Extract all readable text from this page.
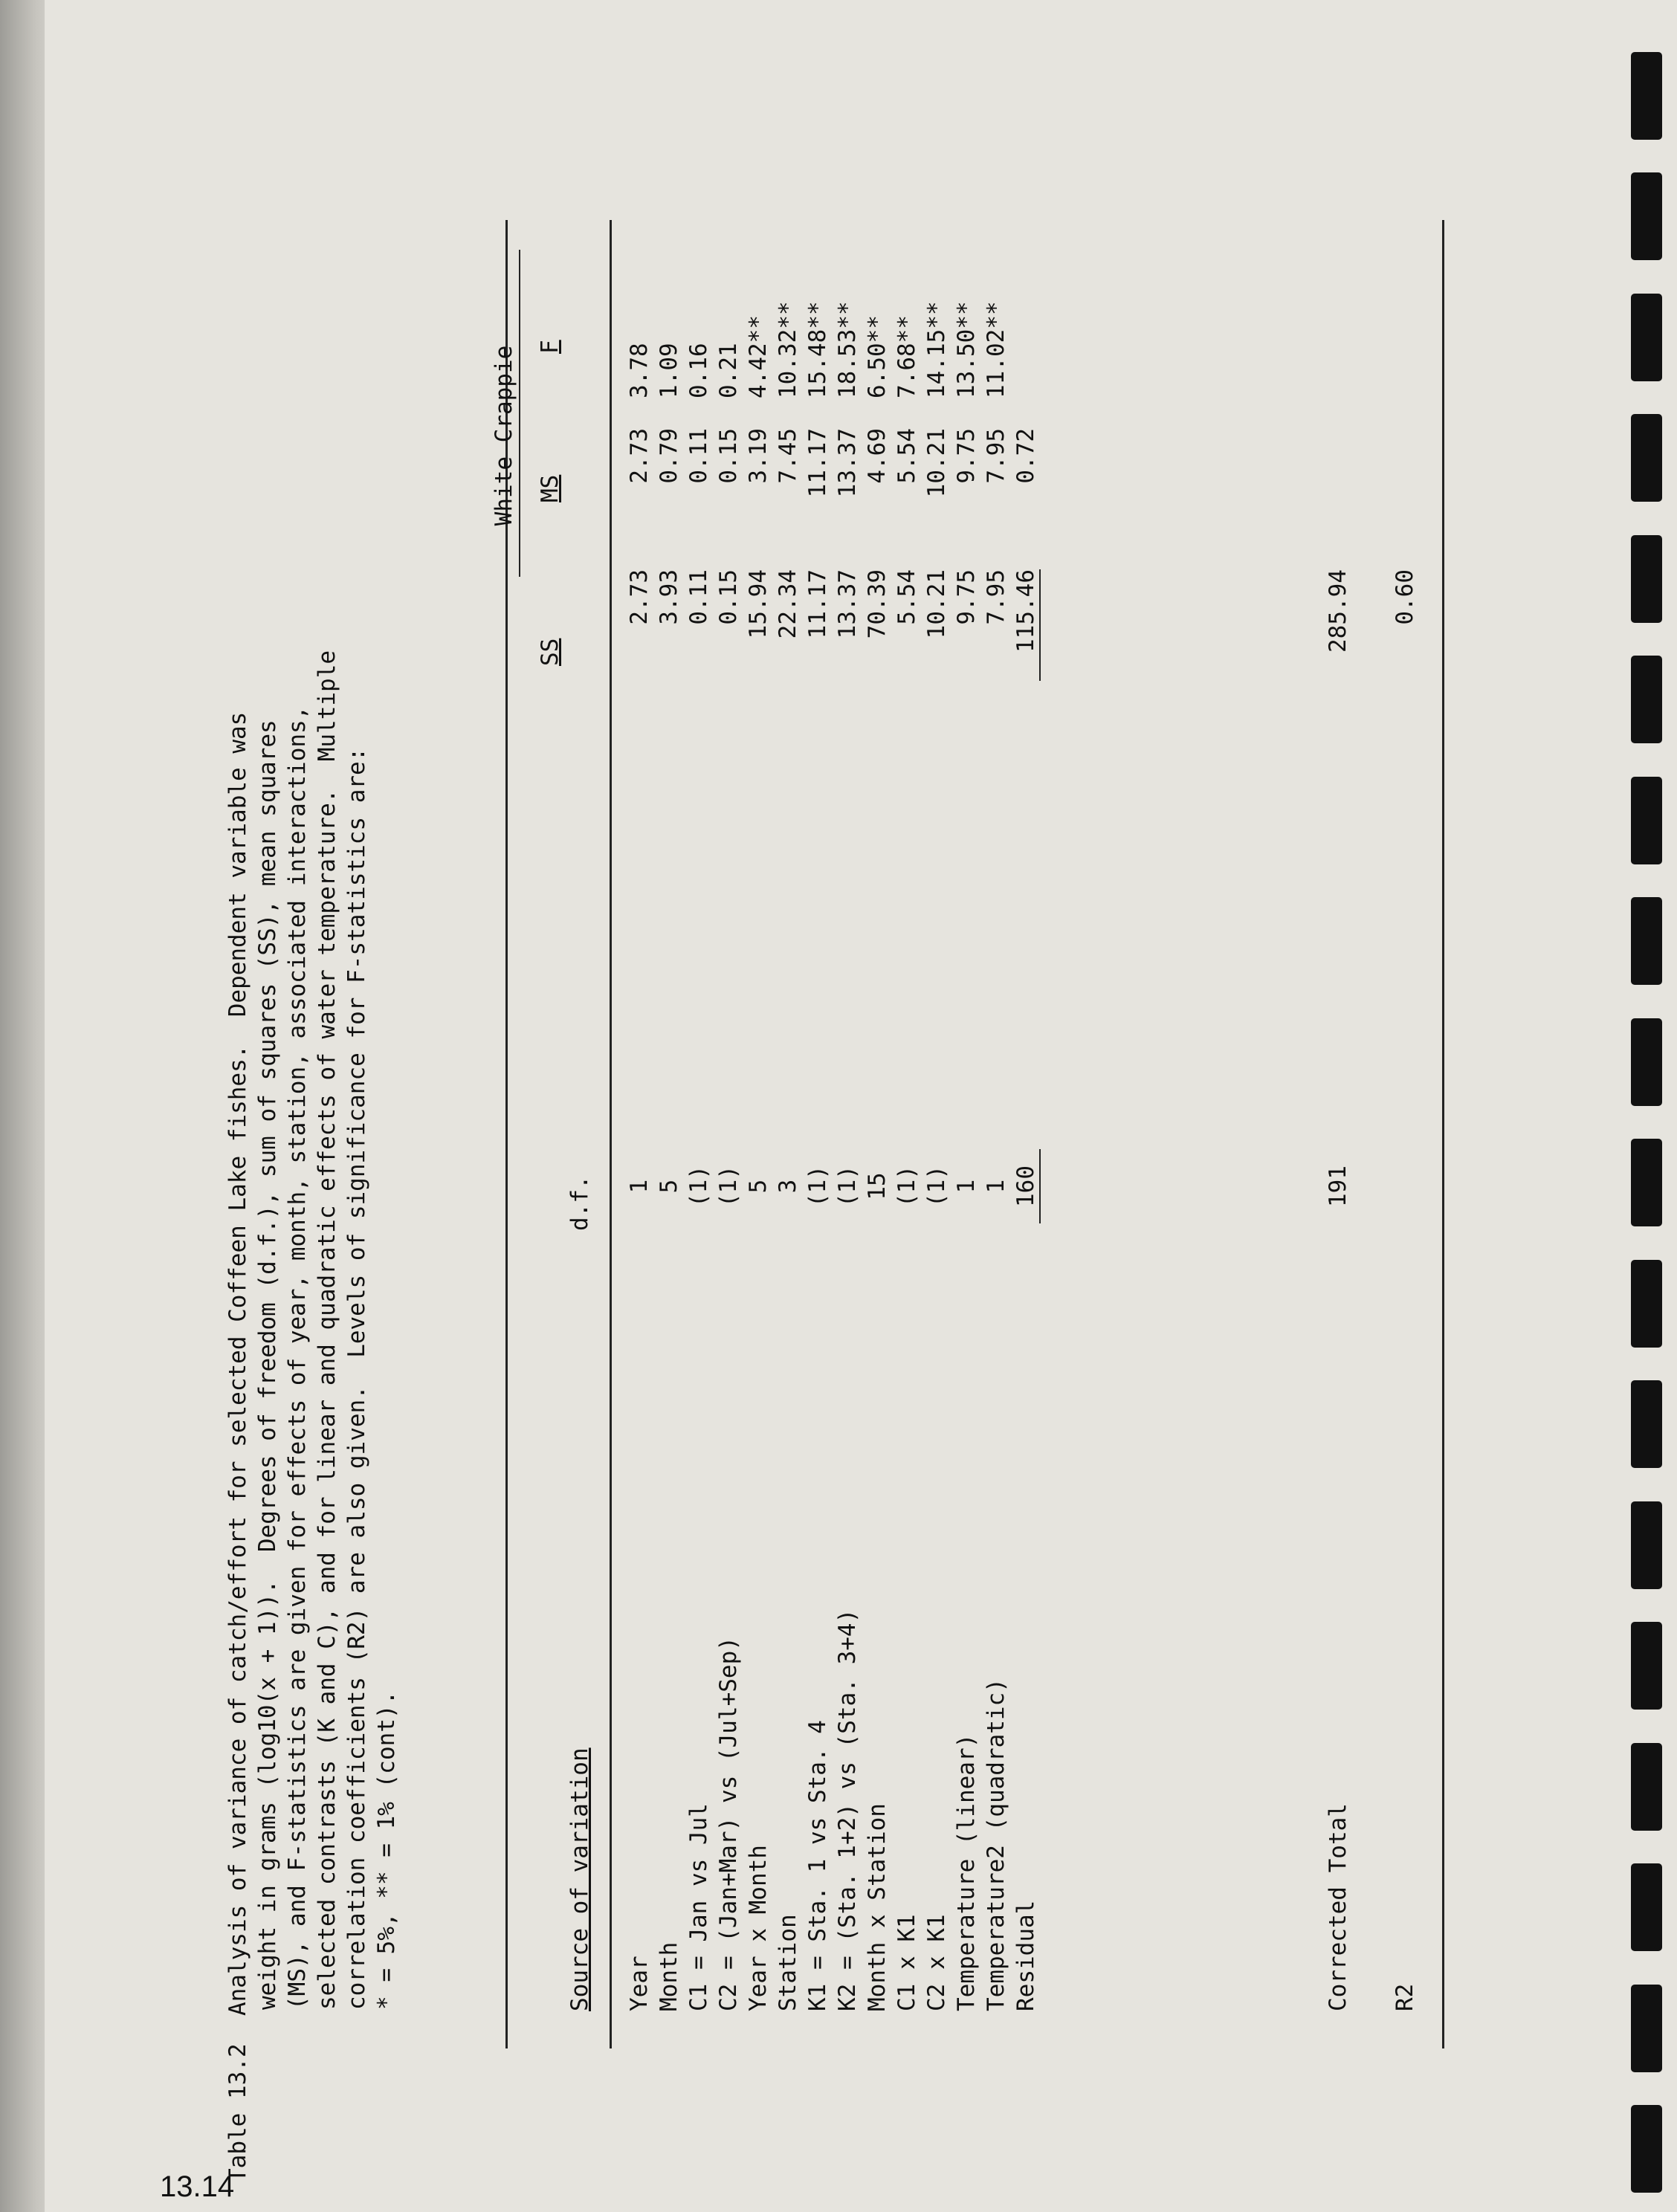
Table 13.2  Analysis of variance of catch/effort for selected Coffeen Lake fishes.  Dependent variable was weight in grams (log10(x + 1)).  Degrees of freedom (d.f.), sum of squares (SS), mean squares (MS), and F-statistics are given for effects of year, month, station, associated interactions, selected contrasts (K and C), and for linear and quadratic effects of water temperature.  Multiple correlation coefficients (R2) are also given.  Levels of significance for F-statistics are: * = 5%, ** = 1% (cont).	Source of variation
d.f.
White Crappie
SS
MS
F
Year
1
2.73
2.73
3.78
Month
5
3.93
0.79
1.09
C1 = Jan vs Jul
(1)
0.11
0.11
0.16
C2 = (Jan+Mar) vs (Jul+Sep)
(1)
0.15
0.15
0.21
Year x Month
5
15.94
3.19
4.42**
Station
3
22.34
7.45
10.32**
K1 = Sta. 1 vs Sta. 4
(1)
11.17
11.17
15.48**
K2 = (Sta. 1+2) vs (Sta. 3+4)
(1)
13.37
13.37
18.53**
Month x Station
15
70.39
4.69
6.50**
C1 x K1
(1)
5.54
5.54
7.68**
C2 x K1
(1)
10.21
10.21
14.15**
Temperature (linear)
1
9.75
9.75
13.50**
Temperature2 (quadratic)
1
7.95
7.95
11.02**
Residual
160
115.46
0.72

Corrected Total

191

285.94

R2

0.60

13.14
